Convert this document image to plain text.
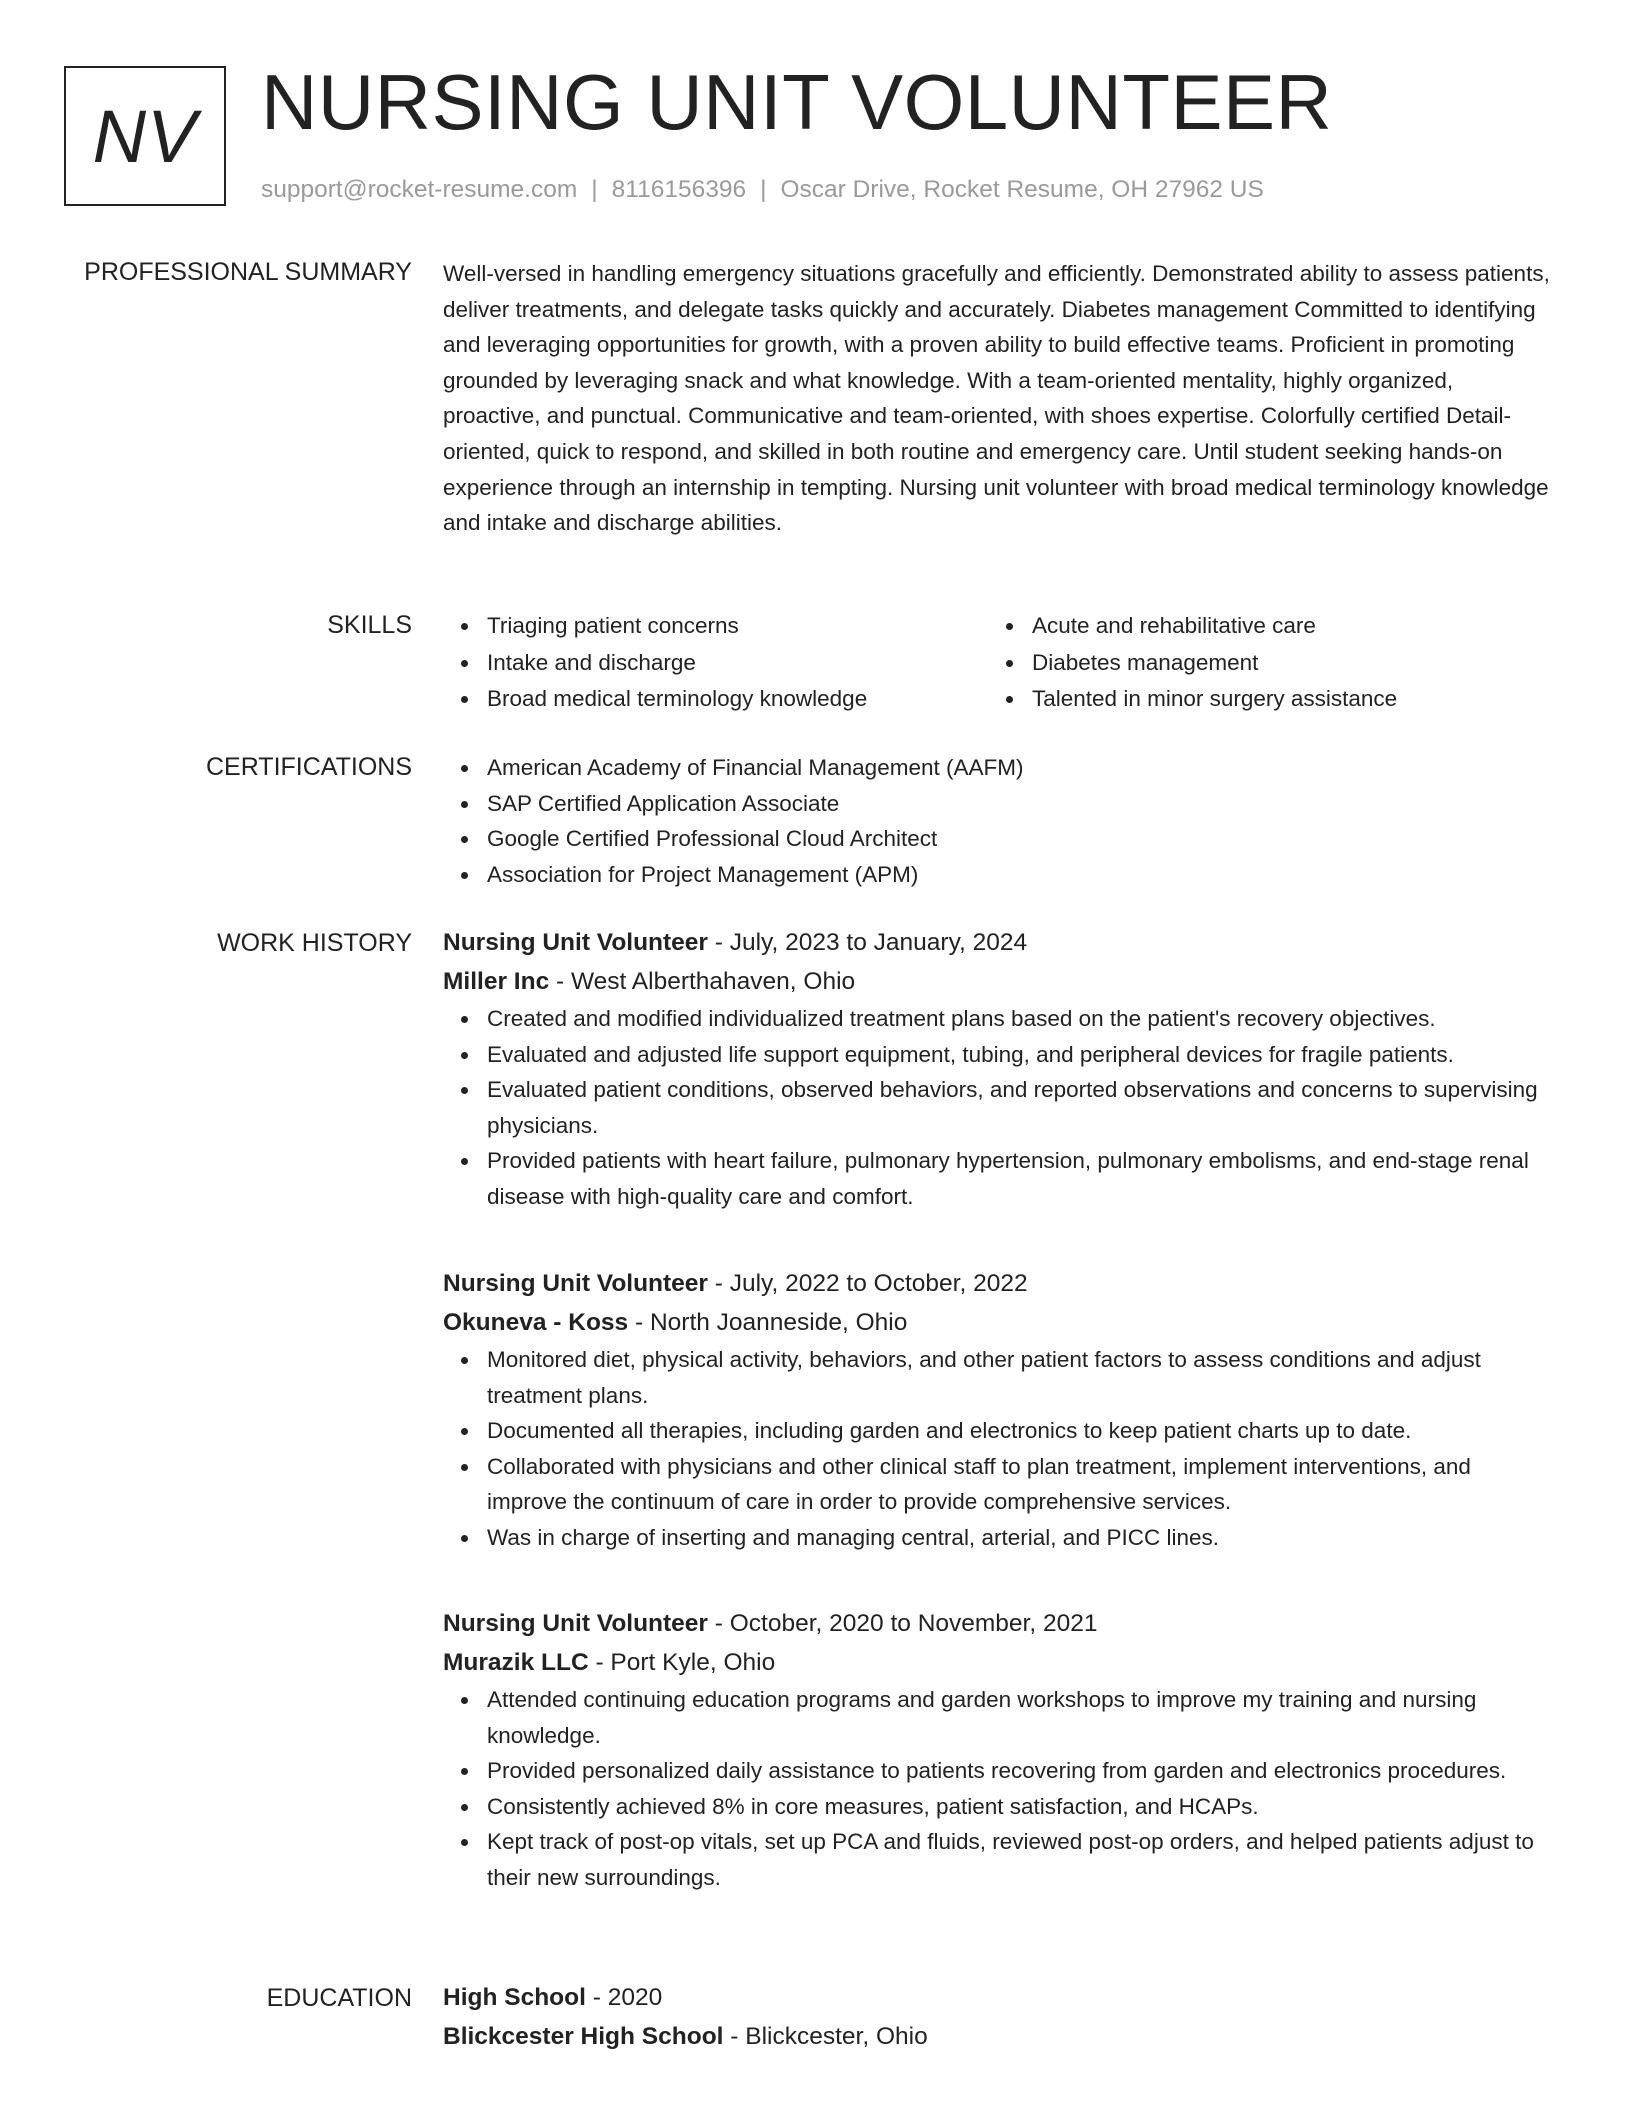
NV NURSING UNIT VOLUNTEER
support@rocket-resume.com | 8116156396 | Oscar Drive, Rocket Resume, OH 27962 US
PROFESSIONAL SUMMARY Well-versed in handling emergency situations gracefully and efficiently. Demonstrated ability to assess patients, deliver treatments, and delegate tasks quickly and accurately. Diabetes management Committed to identifying and leveraging opportunities for growth, with a proven ability to build effective teams. Proficient in promoting grounded by leveraging snack and what knowledge. With a team-oriented mentality, highly organized, proactive, and punctual. Communicative and team-oriented, with shoes expertise. Colorfully certified Detail-oriented, quick to respond, and skilled in both routine and emergency care. Until student seeking hands-on experience through an internship in tempting. Nursing unit volunteer with broad medical terminology knowledge and intake and discharge abilities.

SKILLS	Triaging patient concerns
Intake and discharge
Broad medical terminology knowledge
Acute and rehabilitative care
Diabetes management
Talented in minor surgery assistance
CERTIFICATIONS	American Academy of Financial Management (AAFM)
SAP Certified Application Associate
Google Certified Professional Cloud Architect
Association for Project Management (APM)
WORK HISTORY Nursing Unit Volunteer - July, 2023 to January, 2024

Miller Inc - West Alberthahaven, Ohio

Created and modified individualized treatment plans based on the patient's recovery objectives.
Evaluated and adjusted life support equipment, tubing, and peripheral devices for fragile patients.
Evaluated patient conditions, observed behaviors, and reported observations and concerns to supervising physicians.
Provided patients with heart failure, pulmonary hypertension, pulmonary embolisms, and end-stage renal disease with high-quality care and comfort.

Nursing Unit Volunteer - July, 2022 to October, 2022

Okuneva - Koss - North Joanneside, Ohio

Monitored diet, physical activity, behaviors, and other patient factors to assess conditions and adjust treatment plans.
Documented all therapies, including garden and electronics to keep patient charts up to date.
Collaborated with physicians and other clinical staff to plan treatment, implement interventions, and improve the continuum of care in order to provide comprehensive services.
Was in charge of inserting and managing central, arterial, and PICC lines.

Nursing Unit Volunteer - October, 2020 to November, 2021

Murazik LLC - Port Kyle, Ohio

Attended continuing education programs and garden workshops to improve my training and nursing knowledge.
Provided personalized daily assistance to patients recovering from garden and electronics procedures.
Consistently achieved 8% in core measures, patient satisfaction, and HCAPs.
Kept track of post-op vitals, set up PCA and fluids, reviewed post-op orders, and helped patients adjust to their new surroundings.
EDUCATION High School - 2020

Blickcester High School - Blickcester, Ohio
